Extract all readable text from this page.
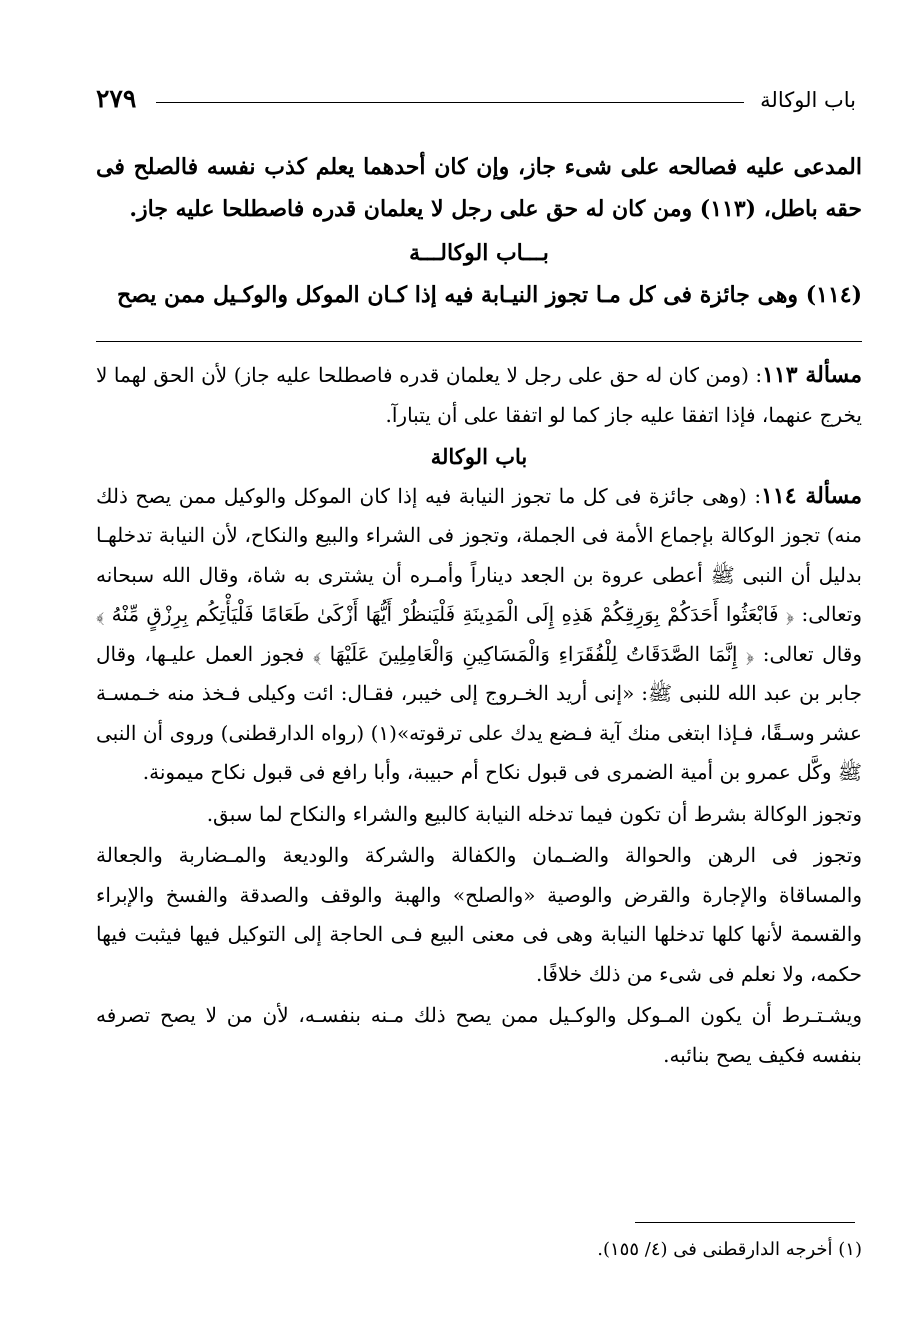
باب الوكالة
٢٧٩

المدعى عليه فصالحه على شىء جاز، وإن كان أحدهما يعلم كذب نفسه فالصلح فى حقه باطل، (١١٣) ومن كان له حق على رجل لا يعلمان قدره فاصطلحا عليه جاز.

بـــاب الوكالـــة

(١١٤) وهى جائزة فى كل مـا تجوز النيـابة فيه إذا كـان الموكل والوكـيل ممن يصح

مسألة ١١٣: (ومن كان له حق على رجل لا يعلمان قدره فاصطلحا عليه جاز) لأن الحق لهما لا يخرج عنهما، فإذا اتفقا عليه جاز كما لو اتفقا على أن يتبارآ.

باب الوكالة

مسألة ١١٤: (وهى جائزة فى كل ما تجوز النيابة فيه إذا كان الموكل والوكيل ممن يصح ذلك منه) تجوز الوكالة بإجماع الأمة فى الجملة، وتجوز فى الشراء والبيع والنكاح، لأن النيابة تدخلهـا بدليل أن النبى ﷺ أعطى عروة بن الجعد ديناراً وأمـره أن يشترى به شاة، وقال الله سبحانه وتعالى: ﴿ فَابْعَثُوا أَحَدَكُمْ بِوَرِقِكُمْ هَذِهِ إِلَى الْمَدِينَةِ فَلْيَنظُرْ أَيُّهَا أَزْكَىٰ طَعَامًا فَلْيَأْتِكُم بِرِزْقٍ مِّنْهُ ﴾ وقال تعالى: ﴿ إِنَّمَا الصَّدَقَاتُ لِلْفُقَرَاءِ وَالْمَسَاكِينِ وَالْعَامِلِينَ عَلَيْهَا ﴾ فجوز العمل عليـها، وقال جابر بن عبد الله للنبى ﷺ: «إنى أريد الخـروج إلى خيبر، فقـال: ائت وكيلى فـخذ منه خـمسـة عشر وسـقًا، فـإذا ابتغى منك آية فـضع يدك على ترقوته»(١) (رواه الدارقطنى) وروى أن النبى ﷺ وكَّل عمرو بن أمية الضمرى فى قبول نكاح أم حبيبة، وأبا رافع فى قبول نكاح ميمونة.

وتجوز الوكالة بشرط أن تكون فيما تدخله النيابة كالبيع والشراء والنكاح لما سبق.

وتجوز فى الرهن والحوالة والضـمان والكفالة والشركة والوديعة والمـضاربة والجعالة والمساقاة والإجارة والقرض والوصية «والصلح» والهبة والوقف والصدقة والفسخ والإبراء والقسمة لأنها كلها تدخلها النيابة وهى فى معنى البيع فـى الحاجة إلى التوكيل فيها فيثبت فيها حكمه، ولا نعلم فى شىء من ذلك خلافًا.

ويشـتـرط أن يكون المـوكل والوكـيل ممن يصح ذلك مـنه بنفسـه، لأن من لا يصح تصرفه بنفسه فكيف يصح بنائبه.

(١) أخرجه الدارقطنى فى (٤/ ١٥٥).
